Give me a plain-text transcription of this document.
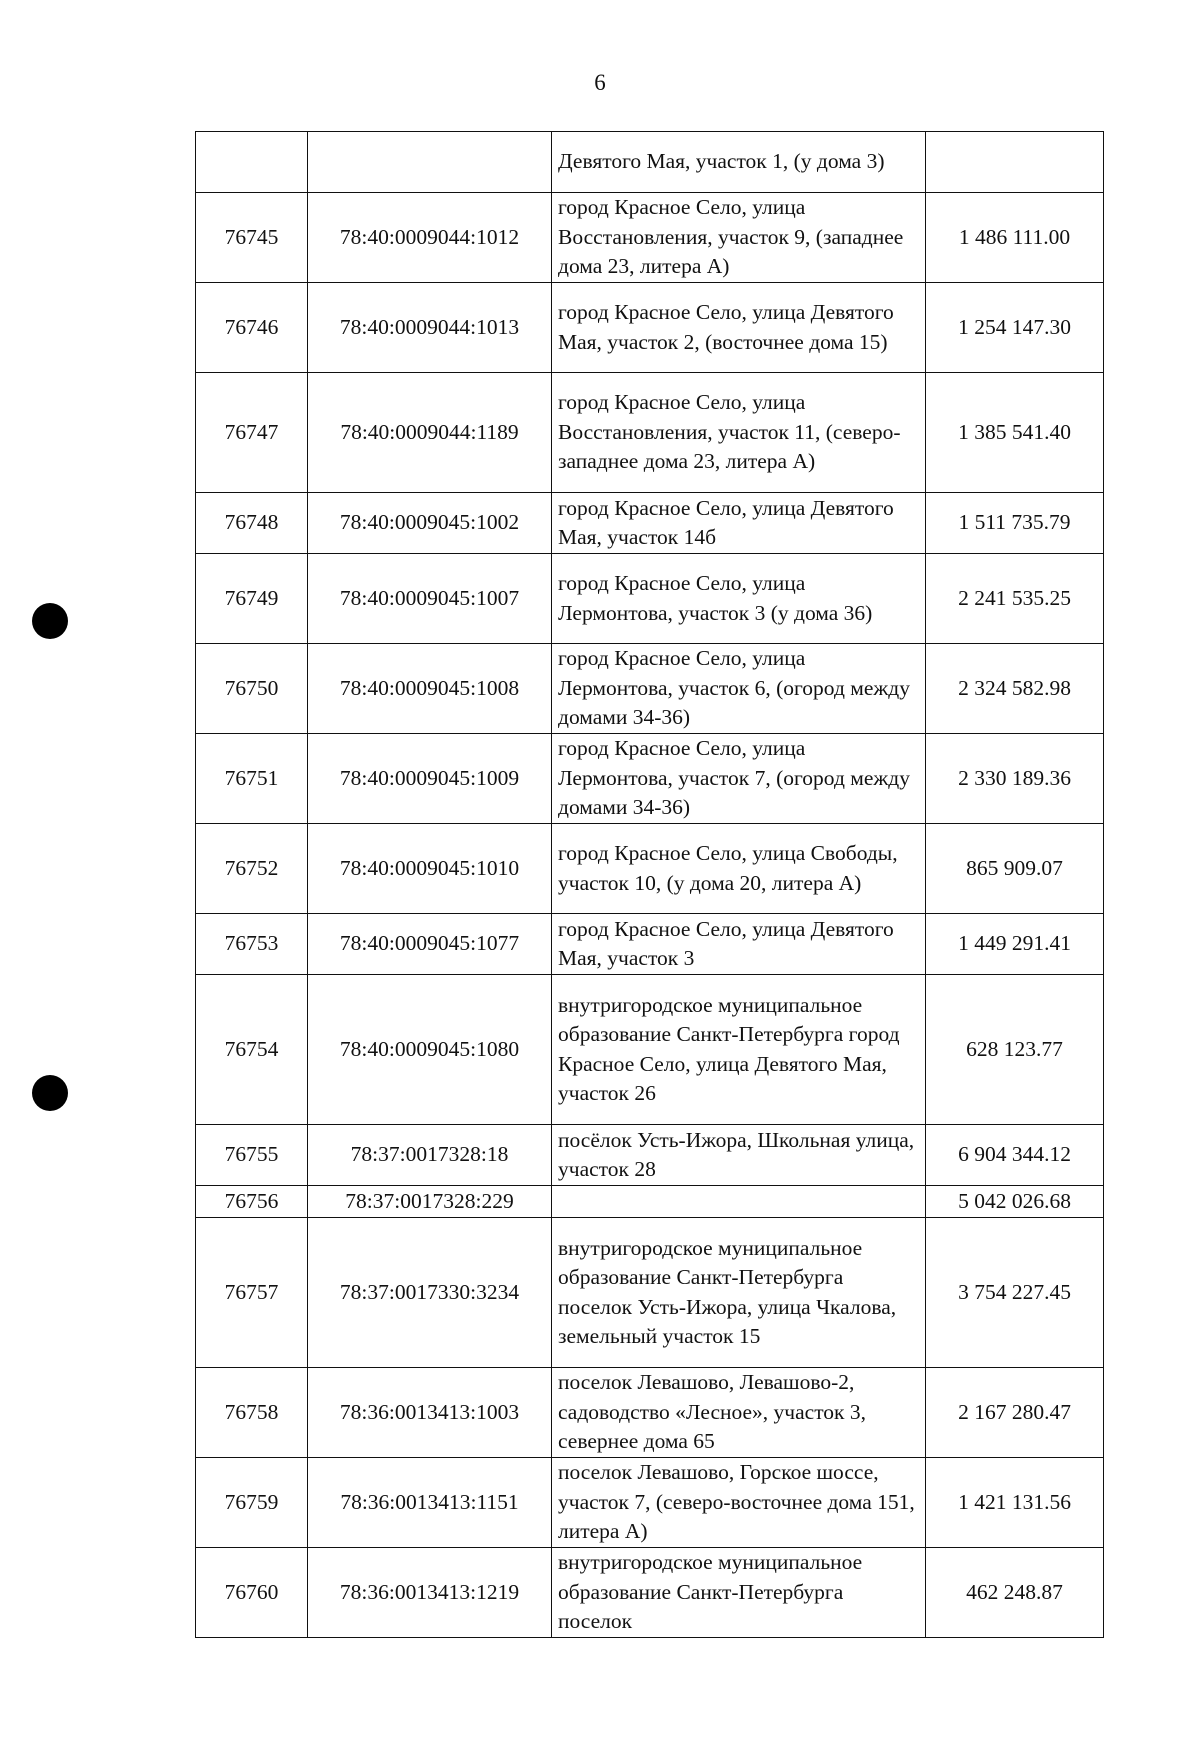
6
		Девятого Мая, участок 1, (у дома 3)	
76745	78:40:0009044:1012	город Красное Село, улица Восстановления, участок 9, (западнее дома 23, литера А)	1 486 111.00
76746	78:40:0009044:1013	город Красное Село, улица Девятого Мая, участок 2, (восточнее дома 15)	1 254 147.30
76747	78:40:0009044:1189	город Красное Село, улица Восстановления, участок 11, (северо-западнее дома 23, литера А)	1 385 541.40
76748	78:40:0009045:1002	город Красное Село, улица Девятого Мая, участок 14б	1 511 735.79
76749	78:40:0009045:1007	город Красное Село, улица Лермонтова, участок 3 (у дома 36)	2 241 535.25
76750	78:40:0009045:1008	город Красное Село, улица Лермонтова, участок 6, (огород между домами 34-36)	2 324 582.98
76751	78:40:0009045:1009	город Красное Село, улица Лермонтова, участок 7, (огород между домами 34-36)	2 330 189.36
76752	78:40:0009045:1010	город Красное Село, улица Свободы, участок 10, (у дома 20, литера А)	865 909.07
76753	78:40:0009045:1077	город Красное Село, улица Девятого Мая, участок 3	1 449 291.41
76754	78:40:0009045:1080	внутригородское муниципальное образование Санкт-Петербурга город Красное Село, улица Девятого Мая, участок 26	628 123.77
76755	78:37:0017328:18	посёлок Усть-Ижора, Школьная улица, участок 28	6 904 344.12
76756	78:37:0017328:229		5 042 026.68
76757	78:37:0017330:3234	внутригородское муниципальное образование Санкт-Петербурга поселок Усть-Ижора, улица Чкалова, земельный участок 15	3 754 227.45
76758	78:36:0013413:1003	поселок Левашово, Левашово-2, садоводство «Лесное», участок 3, севернее дома 65	2 167 280.47
76759	78:36:0013413:1151	поселок Левашово, Горское шоссе, участок 7, (северо-восточнее дома 151, литера А)	1 421 131.56
76760	78:36:0013413:1219	внутригородское муниципальное образование Санкт-Петербурга поселок	462 248.87
